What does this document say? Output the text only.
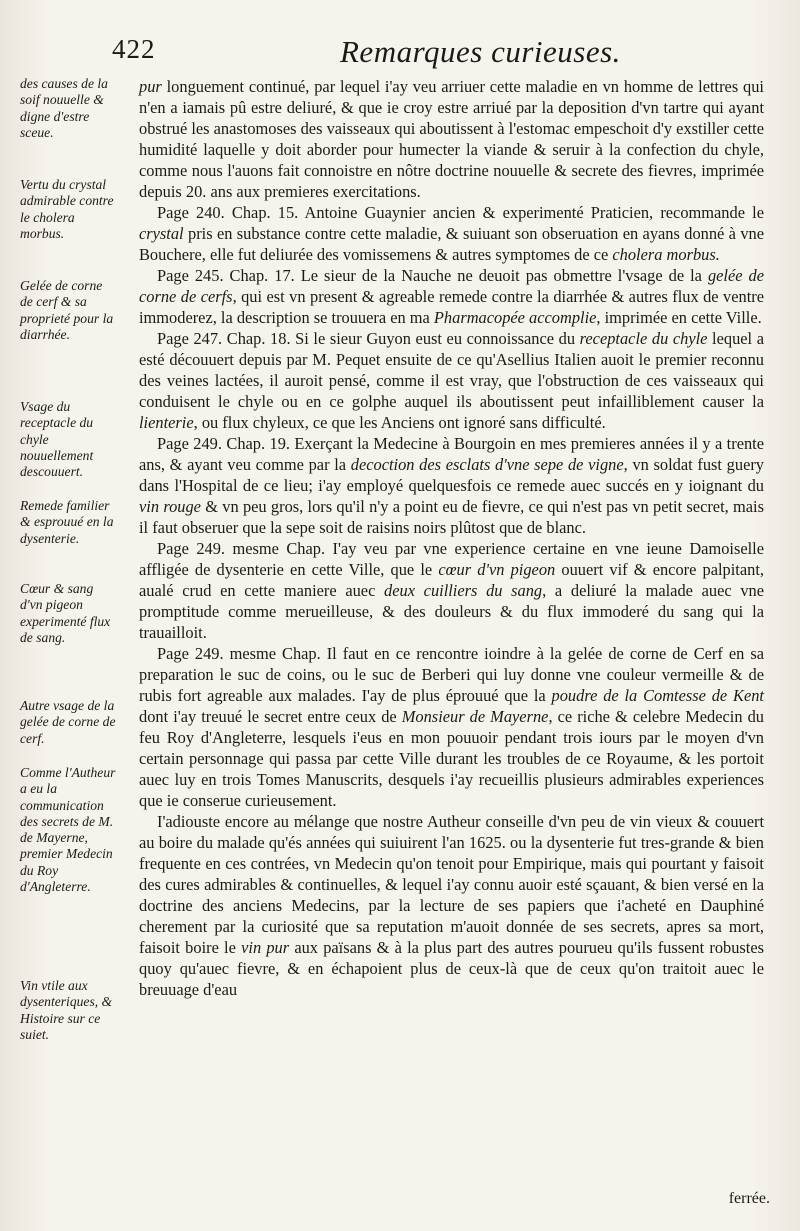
422	Remarques curieuses.

des causes de la soif nouuelle & digne d'estre sceue.

Vertu du crystal admirable contre le cholera morbus.

Gelée de corne de cerf & sa proprieté pour la diarrhée.

Vsage du receptacle du chyle nouuellement descouuert.

Remede familier & esprouué en la dysenterie.

Cœur & sang d'vn pigeon experimenté flux de sang.

Autre vsage de la gelée de corne de cerf.

Comme l'Autheur a eu la communication des secrets de M. de Mayerne, premier Medecin du Roy d'Angleterre.

Vin vtile aux dysenteriques, & Histoire sur ce suiet.

pur longuement continué, par lequel i'ay veu arriuer cette maladie en vn homme de lettres qui n'en a iamais pû estre deliuré, & que ie croy estre arriué par la deposition d'vn tartre qui ayant obstrué les anastomoses des vaisseaux qui aboutissent à l'estomac empeschoit d'y exstiller cette humidité laquelle y doit aborder pour humecter la viande & seruir à la confection du chyle, comme nous l'auons fait connoistre en nôtre doctrine nouuelle & secrete des fievres, imprimée depuis 20. ans aux premieres exercitations.

Page 240. Chap. 15. Antoine Guaynier ancien & experimenté Praticien, recommande le crystal pris en substance contre cette maladie, & suiuant son obseruation en ayans donné à vne Bouchere, elle fut deliurée des vomissemens & autres symptomes de ce cholera morbus.

Page 245. Chap. 17. Le sieur de la Nauche ne deuoit pas obmettre l'vsage de la gelée de corne de cerfs, qui est vn present & agreable remede contre la diarrhée & autres flux de ventre immoderez, la description se trouuera en ma Pharmacopée accomplie, imprimée en cette Ville.

Page 247. Chap. 18. Si le sieur Guyon eust eu connoissance du receptacle du chyle lequel a esté découuert depuis par M. Pequet ensuite de ce qu'Asellius Italien auoit le premier reconnu des veines lactées, il auroit pensé, comme il est vray, que l'obstruction de ces vaisseaux qui conduisent le chyle ou en ce golphe auquel ils aboutissent peut infailliblement causer la lienterie, ou flux chyleux, ce que les Anciens ont ignoré sans difficulté.

Page 249. Chap. 19. Exerçant la Medecine à Bourgoin en mes premieres années il y a trente ans, & ayant veu comme par la decoction des esclats d'vne sepe de vigne, vn soldat fust guery dans l'Hospital de ce lieu; i'ay employé quelquesfois ce remede auec succés en y ioignant du vin rouge & vn peu gros, lors qu'il n'y a point eu de fievre, ce qui n'est pas vn petit secret, mais il faut obseruer que la sepe soit de raisins noirs plûtost que de blanc.

Page 249. mesme Chap. I'ay veu par vne experience certaine en vne ieune Damoiselle affligée de dysenterie en cette Ville, que le cœur d'vn pigeon ouuert vif & encore palpitant, aualé crud en cette maniere auec deux cuilliers du sang, a deliuré la malade auec vne promptitude comme merueilleuse, & des douleurs & du flux immoderé du sang qui la trauailloit.

Page 249. mesme Chap. Il faut en ce rencontre ioindre à la gelée de corne de Cerf en sa preparation le suc de coins, ou le suc de Berberi qui luy donne vne couleur vermeille & de rubis fort agreable aux malades. I'ay de plus éprouué que la poudre de la Comtesse de Kent dont i'ay treuué le secret entre ceux de Monsieur de Mayerne, ce riche & celebre Medecin du feu Roy d'Angleterre, lesquels i'eus en mon pouuoir pendant trois iours par le moyen d'vn certain personnage qui passa par cette Ville durant les troubles de ce Royaume, & les portoit auec luy en trois Tomes Manuscrits, desquels i'ay recueillis plusieurs admirables experiences que ie conserue curieusement.

I'adiouste encore au mélange que nostre Autheur conseille d'vn peu de vin vieux & couuert au boire du malade qu'és années qui suiuirent l'an 1625. ou la dysenterie fut tres-grande & bien frequente en ces contrées, vn Medecin qu'on tenoit pour Empirique, mais qui pourtant y faisoit des cures admirables & continuelles, & lequel i'ay connu auoir esté sçauant, & bien versé en la doctrine des anciens Medecins, par la lecture de ses papiers que i'acheté en Dauphiné cherement par la curiosité que sa reputation m'auoit donnée de ses secrets, apres sa mort, faisoit boire le vin pur aux païsans & à la plus part des autres pourueu qu'ils fussent robustes quoy qu'auec fievre, & en échapoient plus de ceux-là que de ceux qu'on traitoit auec le breuuage d'eau

ferrée.
